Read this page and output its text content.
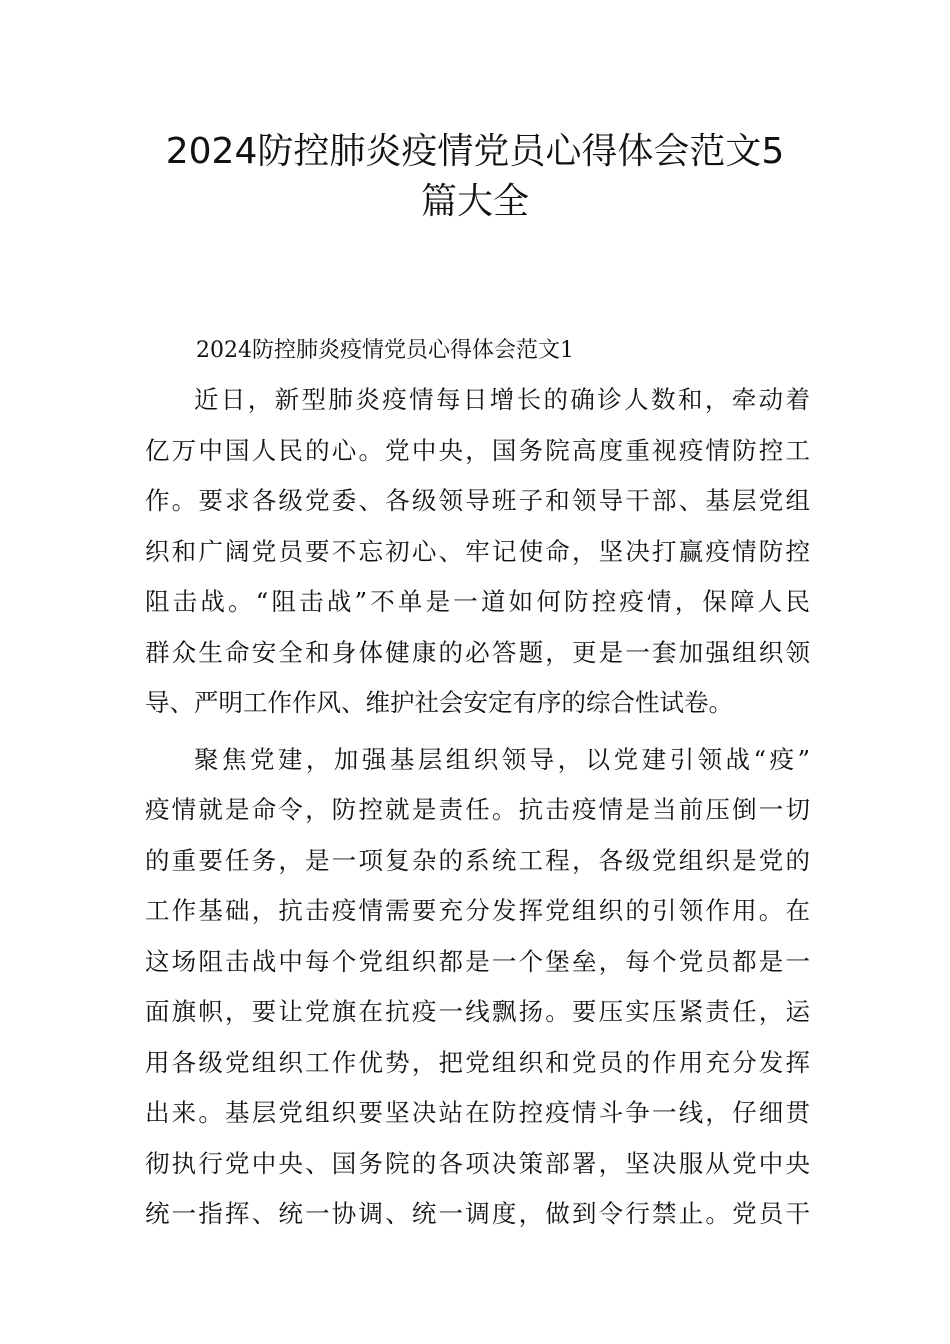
2024防控肺炎疫情党员心得体会范文5
篇大全

2024防控肺炎疫情党员心得体会范文1

近日，新型肺炎疫情每日增长的确诊人数和，牵动着
亿万中国人民的心。党中央，国务院高度重视疫情防控工
作。要求各级党委、各级领导班子和领导干部、基层党组
织和广阔党员要不忘初心、牢记使命，坚决打赢疫情防控
阻击战。“阻击战”不单是一道如何防控疫情，保障人民
群众生命安全和身体健康的必答题，更是一套加强组织领
导、严明工作作风、维护社会安定有序的综合性试卷。
聚焦党建，加强基层组织领导，以党建引领战“疫”
疫情就是命令，防控就是责任。抗击疫情是当前压倒一切
的重要任务，是一项复杂的系统工程，各级党组织是党的
工作基础，抗击疫情需要充分发挥党组织的引领作用。在
这场阻击战中每个党组织都是一个堡垒，每个党员都是一
面旗帜，要让党旗在抗疫一线飘扬。要压实压紧责任，运
用各级党组织工作优势，把党组织和党员的作用充分发挥
出来。基层党组织要坚决站在防控疫情斗争一线，仔细贯
彻执行党中央、国务院的各项决策部署，坚决服从党中央
统一指挥、统一协调、统一调度，做到令行禁止。党员干
